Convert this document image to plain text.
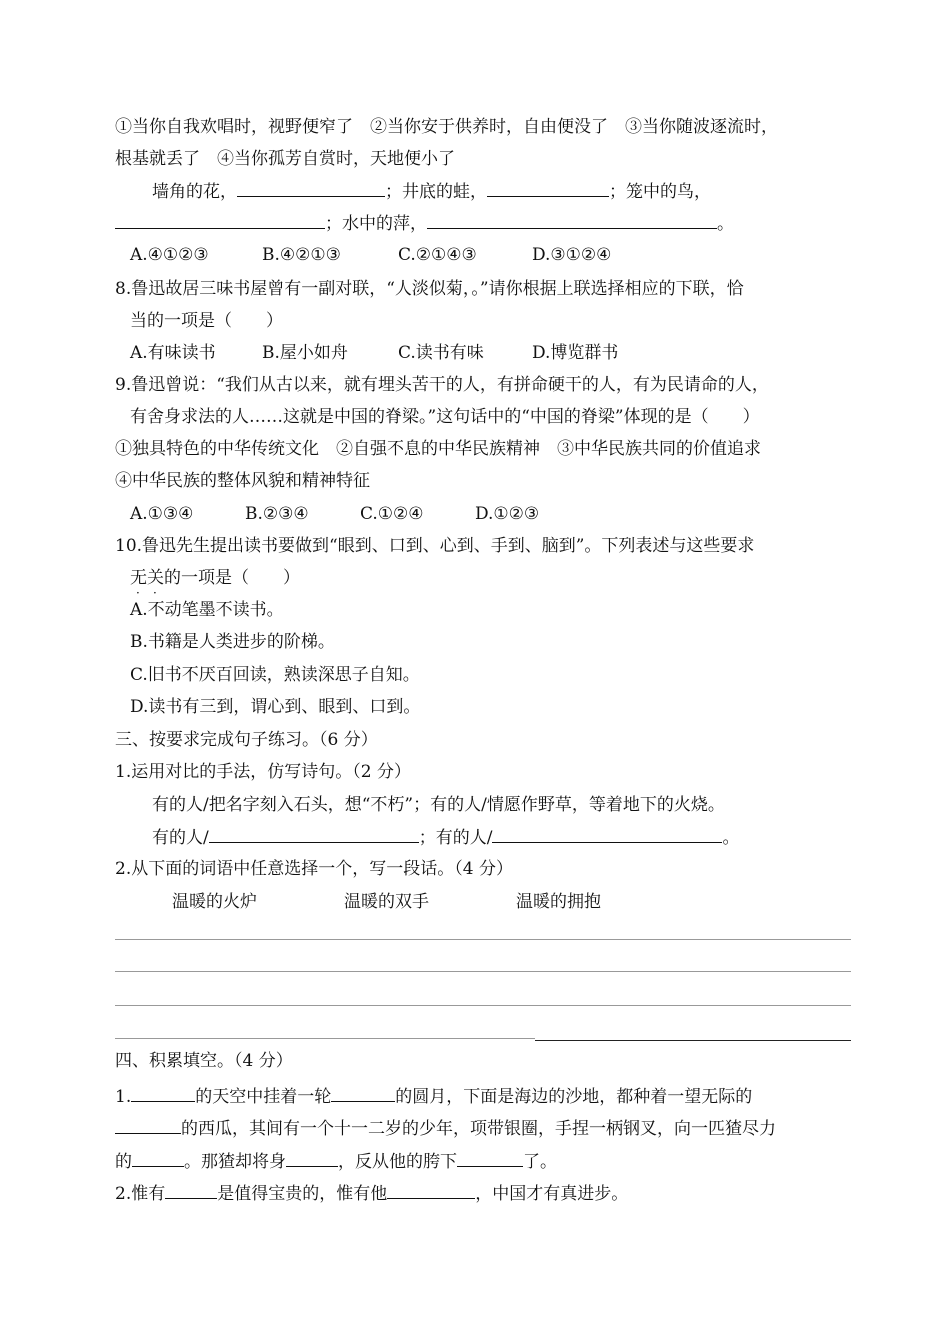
①当你自我欢唱时，视野便窄了　②当你安于供养时，自由便没了　③当你随波逐流时，
根基就丢了　④当你孤芳自赏时，天地便小了
墙角的花，	；井底的蛙，	；笼中的鸟，
；水中的萍，	。
A.④①②③	B.④②①③	C.②①④③	D.③①②④
8.鲁迅故居三味书屋曾有一副对联，“人淡似菊，。”请你根据上联选择相应的下联，恰
当的一项是（　　）
A.有味读书	B.屋小如舟	C.读书有味	D.博览群书
9.鲁迅曾说：“我们从古以来，就有埋头苦干的人，有拼命硬干的人，有为民请命的人，
有舍身求法的人……这就是中国的脊梁。”这句话中的“中国的脊梁”体现的是（　　）
①独具特色的中华传统文化　②自强不息的中华民族精神　③中华民族共同的价值追求
④中华民族的整体风貌和精神特征
A.①③④	B.②③④	C.①②④	D.①②③
10.鲁迅先生提出读书要做到“眼到、口到、心到、手到、脑到”。下列表述与这些要求
无关的一项是（　　）
· ·
A.不动笔墨不读书。
B.书籍是人类进步的阶梯。
C.旧书不厌百回读，熟读深思子自知。
D.读书有三到，谓心到、眼到、口到。
三、按要求完成句子练习。（6 分）
1.运用对比的手法，仿写诗句。（2 分）
有的人/把名字刻入石头，想“不朽”；有的人/情愿作野草，等着地下的火烧。
有的人/	；有的人/	。
2.从下面的词语中任意选择一个，写一段话。（4 分）
温暖的火炉	温暖的双手	温暖的拥抱
四、积累填空。（4 分）
1.	的天空中挂着一轮	的圆月，下面是海边的沙地，都种着一望无际的
的西瓜，其间有一个十一二岁的少年，项带银圈，手捏一柄钢叉，向一匹猹尽力
的	。那猹却将身	，反从他的胯下	了。
2.惟有	是值得宝贵的，惟有他	，中国才有真进步。
